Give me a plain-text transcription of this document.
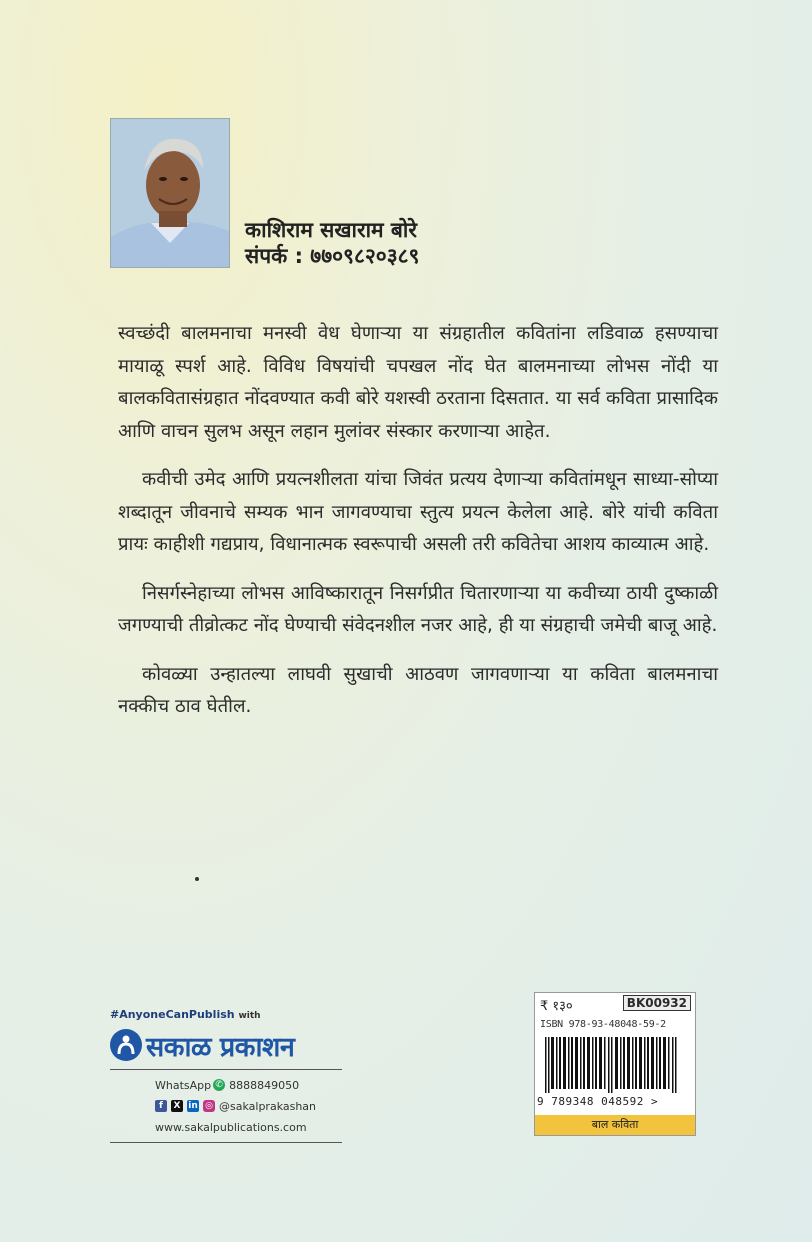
काशिराम सखाराम बोरे
संपर्क : ७७०९८२०३८९

स्वच्छंदी बालमनाचा मनस्वी वेध घेणाऱ्या या संग्रहातील कवितांना लडिवाळ हसण्याचा मायाळू स्पर्श आहे. विविध विषयांची चपखल नोंद घेत बालमनाच्या लोभस नोंदी या बालकवितासंग्रहात नोंदवण्यात कवी बोरे यशस्वी ठरताना दिसतात. या सर्व कविता प्रासादिक आणि वाचन सुलभ असून लहान मुलांवर संस्कार करणाऱ्या आहेत.

कवीची उमेद आणि प्रयत्नशीलता यांचा जिवंत प्रत्यय देणाऱ्या कवितांमधून साध्या-सोप्या शब्दातून जीवनाचे सम्यक भान जागवण्याचा स्तुत्य प्रयत्न केलेला आहे. बोरे यांची कविता प्रायः काहीशी गद्यप्राय, विधानात्मक स्वरूपाची असली तरी कवितेचा आशय काव्यात्म आहे.

निसर्गस्नेहाच्या लोभस आविष्कारातून निसर्गप्रीत चितारणाऱ्या या कवीच्या ठायी दुष्काळी जगण्याची तीव्रोत्कट नोंद घेण्याची संवेदनशील नजर आहे, ही या संग्रहाची जमेची बाजू आहे.

कोवळ्या उन्हातल्या लाघवी सुखाची आठवण जागवणाऱ्या या कविता बालमनाचा नक्कीच ठाव घेतील.

#AnyoneCanPublish with
सकाळ प्रकाशन
WhatsApp ✆ 8888849050
f	X in ◎ @sakalprakashan
www.sakalpublications.com
₹ १३०	BK00932
ISBN 978-93-48048-59-2
9 789348 048592 >
बाल कविता
